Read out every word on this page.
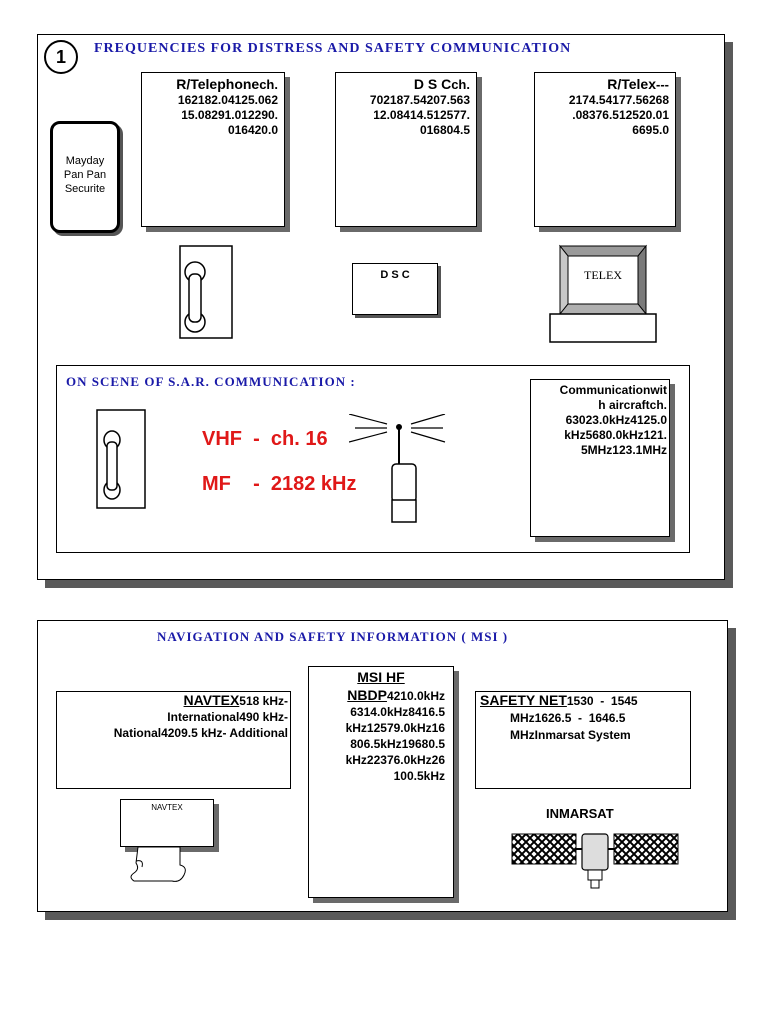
1	FREQUENCIES FOR DISTRESS AND SAFETY COMMUNICATION
Mayday
Pan Pan
Securite
R/Telephonech.
162182.04125.062
15.08291.012290.
016420.0
D S Cch.
702187.54207.563
12.08414.512577.
016804.5
R/Telex---
2174.54177.56268
.08376.512520.01
6695.0
D S C	TELEX
ON SCENE OF S.A.R. COMMUNICATION :
VHF  -  ch. 16
MF    -  2182 kHz
Communicationwit
h aircraftch.
63023.0kHz4125.0
kHz5680.0kHz121.
5MHz123.1MHz
NAVIGATION AND SAFETY INFORMATION ( MSI )
NAVTEX518 kHz-
International490 kHz-
National4209.5 kHz- Additional
MSI HF
NBDP4210.0kHz
6314.0kHz8416.5
kHz12579.0kHz16
806.5kHz19680.5
kHz22376.0kHz26
100.5kHz
SAFETY NET1530  -  1545
MHz1626.5  -  1646.5
MHzInmarsat System
NAVTEX	INMARSAT
